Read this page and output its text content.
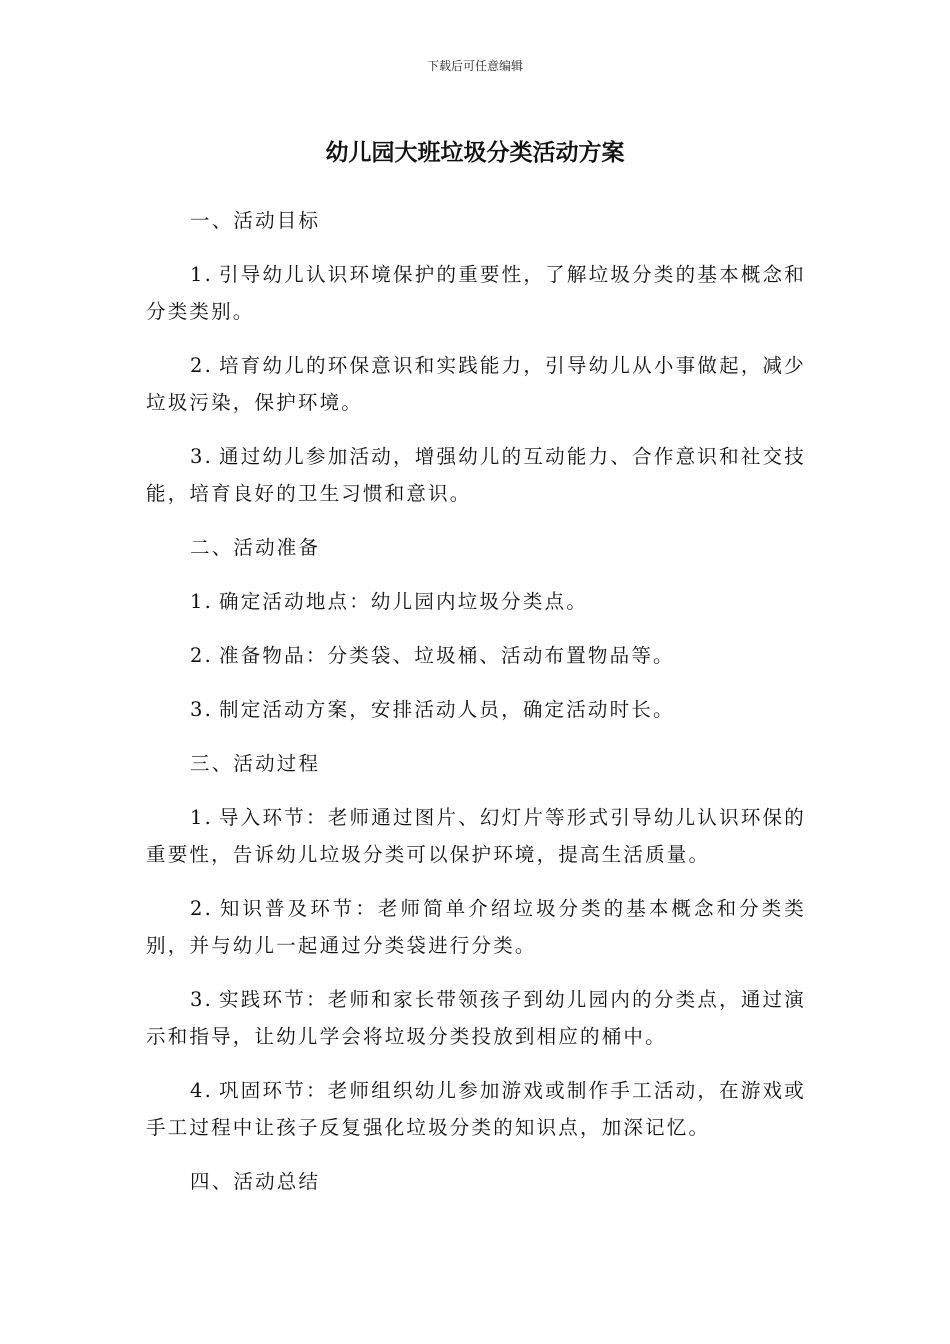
下载后可任意编辑
幼儿园大班垃圾分类活动方案

一、活动目标

1. 引导幼儿认识环境保护的重要性，了解垃圾分类的基本概念和分类类别。

2. 培育幼儿的环保意识和实践能力，引导幼儿从小事做起，减少垃圾污染，保护环境。

3. 通过幼儿参加活动，增强幼儿的互动能力、合作意识和社交技能，培育良好的卫生习惯和意识。

二、活动准备

1. 确定活动地点：幼儿园内垃圾分类点。

2. 准备物品：分类袋、垃圾桶、活动布置物品等。

3. 制定活动方案，安排活动人员，确定活动时长。

三、活动过程

1. 导入环节：老师通过图片、幻灯片等形式引导幼儿认识环保的重要性，告诉幼儿垃圾分类可以保护环境，提高生活质量。

2. 知识普及环节：老师简单介绍垃圾分类的基本概念和分类类别，并与幼儿一起通过分类袋进行分类。

3. 实践环节：老师和家长带领孩子到幼儿园内的分类点，通过演示和指导，让幼儿学会将垃圾分类投放到相应的桶中。

4. 巩固环节：老师组织幼儿参加游戏或制作手工活动，在游戏或手工过程中让孩子反复强化垃圾分类的知识点，加深记忆。

四、活动总结
